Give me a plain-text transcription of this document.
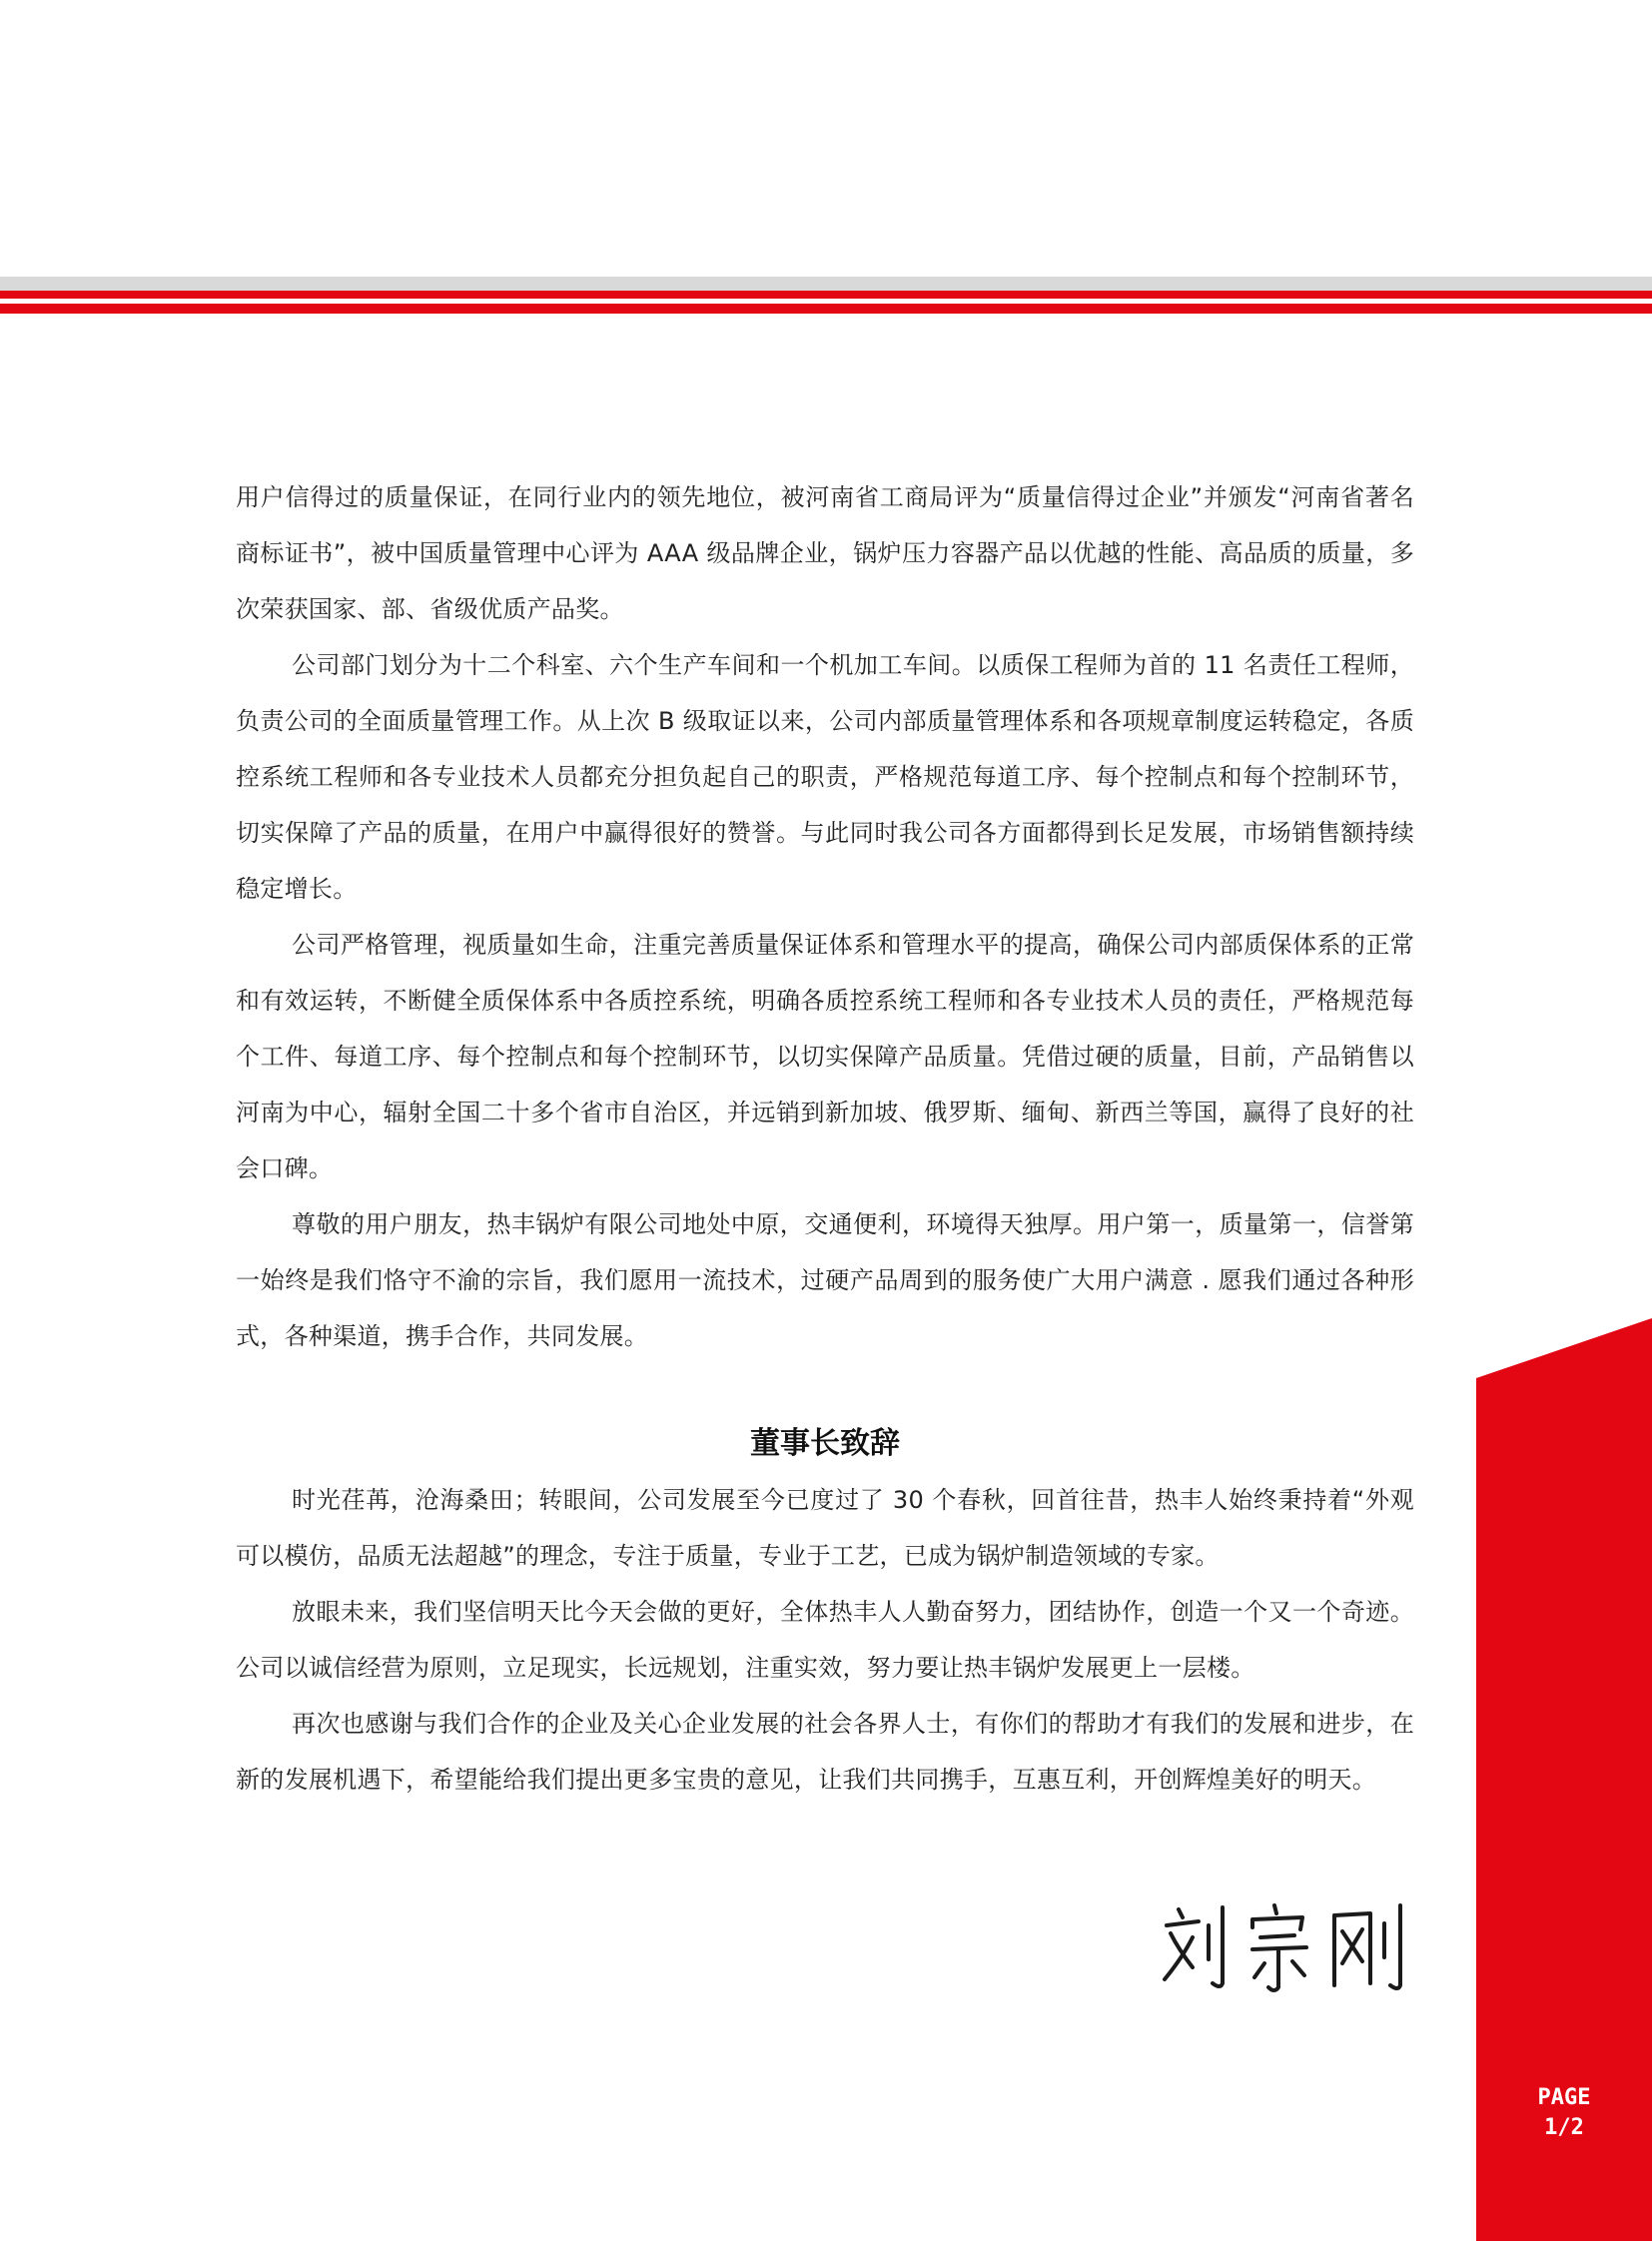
用户信得过的质量保证，在同行业内的领先地位，被河南省工商局评为“质量信得过企业”并颁发“河南省著名商标证书”，被中国质量管理中心评为 AAA 级品牌企业，锅炉压力容器产品以优越的性能、高品质的质量，多次荣获国家、部、省级优质产品奖。

公司部门划分为十二个科室、六个生产车间和一个机加工车间。以质保工程师为首的 11 名责任工程师，负责公司的全面质量管理工作。从上次 B 级取证以来，公司内部质量管理体系和各项规章制度运转稳定，各质控系统工程师和各专业技术人员都充分担负起自己的职责，严格规范每道工序、每个控制点和每个控制环节，切实保障了产品的质量，在用户中赢得很好的赞誉。与此同时我公司各方面都得到长足发展，市场销售额持续稳定增长。

公司严格管理，视质量如生命，注重完善质量保证体系和管理水平的提高，确保公司内部质保体系的正常和有效运转，不断健全质保体系中各质控系统，明确各质控系统工程师和各专业技术人员的责任，严格规范每个工件、每道工序、每个控制点和每个控制环节，以切实保障产品质量。凭借过硬的质量，目前，产品销售以河南为中心，辐射全国二十多个省市自治区，并远销到新加坡、俄罗斯、缅甸、新西兰等国，赢得了良好的社会口碑。

尊敬的用户朋友，热丰锅炉有限公司地处中原，交通便利，环境得天独厚。用户第一，质量第一，信誉第一始终是我们恪守不渝的宗旨，我们愿用一流技术，过硬产品周到的服务使广大用户满意 . 愿我们通过各种形式，各种渠道，携手合作，共同发展。

董事长致辞

时光荏苒，沧海桑田；转眼间，公司发展至今已度过了 30 个春秋，回首往昔，热丰人始终秉持着“外观可以模仿，品质无法超越”的理念，专注于质量，专业于工艺，已成为锅炉制造领域的专家。

放眼未来，我们坚信明天比今天会做的更好，全体热丰人人勤奋努力，团结协作，创造一个又一个奇迹。公司以诚信经营为原则，立足现实，长远规划，注重实效，努力要让热丰锅炉发展更上一层楼。

再次也感谢与我们合作的企业及关心企业发展的社会各界人士，有你们的帮助才有我们的发展和进步，在新的发展机遇下，希望能给我们提出更多宝贵的意见，让我们共同携手，互惠互利，开创辉煌美好的明天。

PAGE
1/2
